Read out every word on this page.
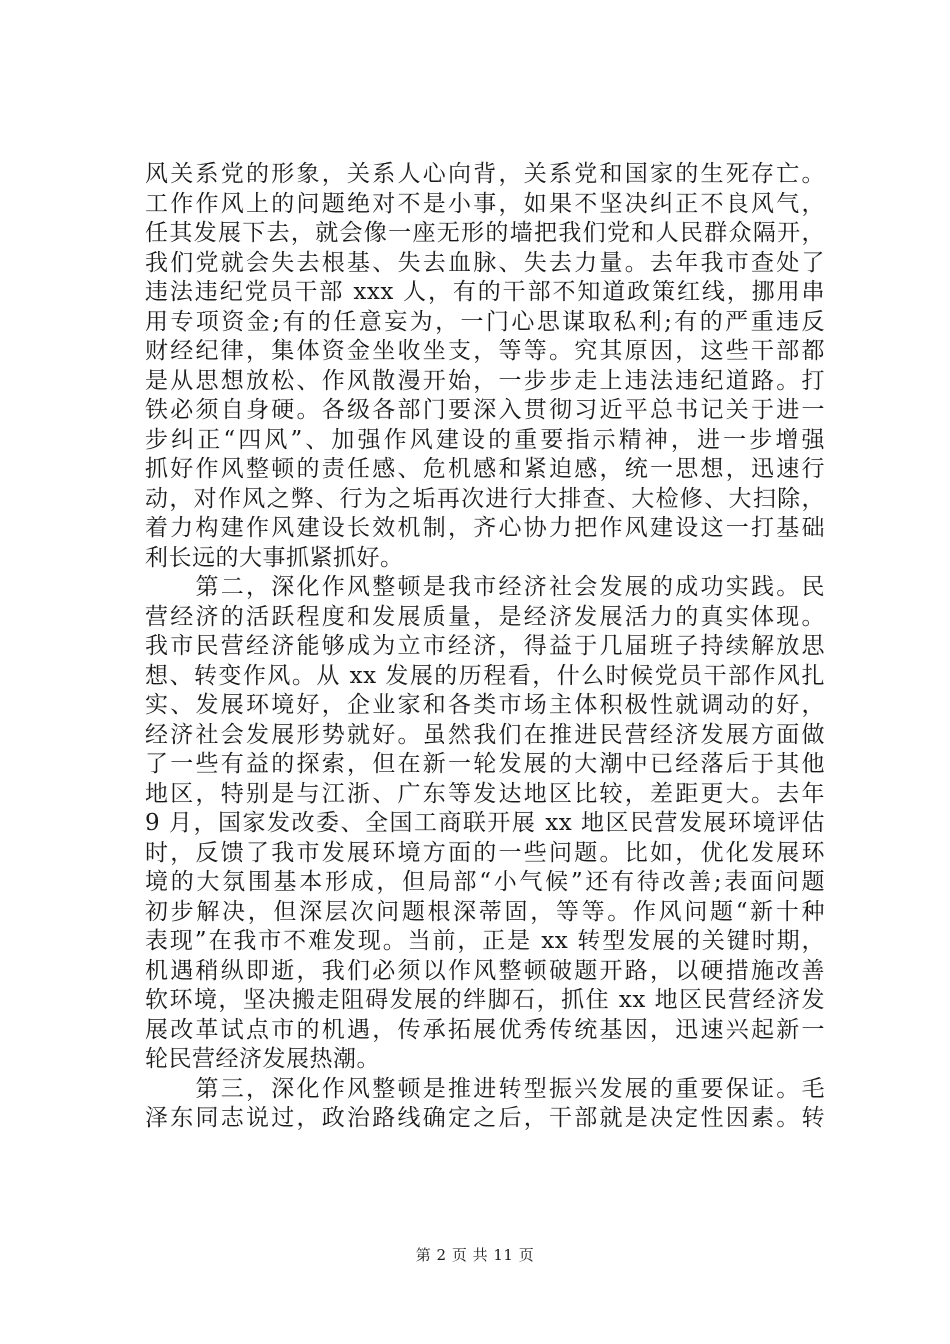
风关系党的形象，关系人心向背，关系党和国家的生死存亡。
工作作风上的问题绝对不是小事，如果不坚决纠正不良风气，
任其发展下去，就会像一座无形的墙把我们党和人民群众隔开，
我们党就会失去根基、失去血脉、失去力量。去年我市查处了
违法违纪党员干部 xxx 人，有的干部不知道政策红线，挪用串
用专项资金;有的任意妄为，一门心思谋取私利;有的严重违反
财经纪律，集体资金坐收坐支，等等。究其原因，这些干部都
是从思想放松、作风散漫开始，一步步走上违法违纪道路。打
铁必须自身硬。各级各部门要深入贯彻习近平总书记关于进一
步纠正“四风”、加强作风建设的重要指示精神，进一步增强
抓好作风整顿的责任感、危机感和紧迫感，统一思想，迅速行
动，对作风之弊、行为之垢再次进行大排查、大检修、大扫除，
着力构建作风建设长效机制，齐心协力把作风建设这一打基础
利长远的大事抓紧抓好。
　　第二，深化作风整顿是我市经济社会发展的成功实践。民
营经济的活跃程度和发展质量，是经济发展活力的真实体现。
我市民营经济能够成为立市经济，得益于几届班子持续解放思
想、转变作风。从 xx 发展的历程看，什么时候党员干部作风扎
实、发展环境好，企业家和各类市场主体积极性就调动的好，
经济社会发展形势就好。虽然我们在推进民营经济发展方面做
了一些有益的探索，但在新一轮发展的大潮中已经落后于其他
地区，特别是与江浙、广东等发达地区比较，差距更大。去年
9 月，国家发改委、全国工商联开展 xx 地区民营发展环境评估
时，反馈了我市发展环境方面的一些问题。比如，优化发展环
境的大氛围基本形成，但局部“小气候”还有待改善;表面问题
初步解决，但深层次问题根深蒂固，等等。作风问题“新十种
表现”在我市不难发现。当前，正是 xx 转型发展的关键时期，
机遇稍纵即逝，我们必须以作风整顿破题开路，以硬措施改善
软环境，坚决搬走阻碍发展的绊脚石，抓住 xx 地区民营经济发
展改革试点市的机遇，传承拓展优秀传统基因，迅速兴起新一
轮民营经济发展热潮。
　　第三，深化作风整顿是推进转型振兴发展的重要保证。毛
泽东同志说过，政治路线确定之后，干部就是决定性因素。转
第 2 页 共 11 页
